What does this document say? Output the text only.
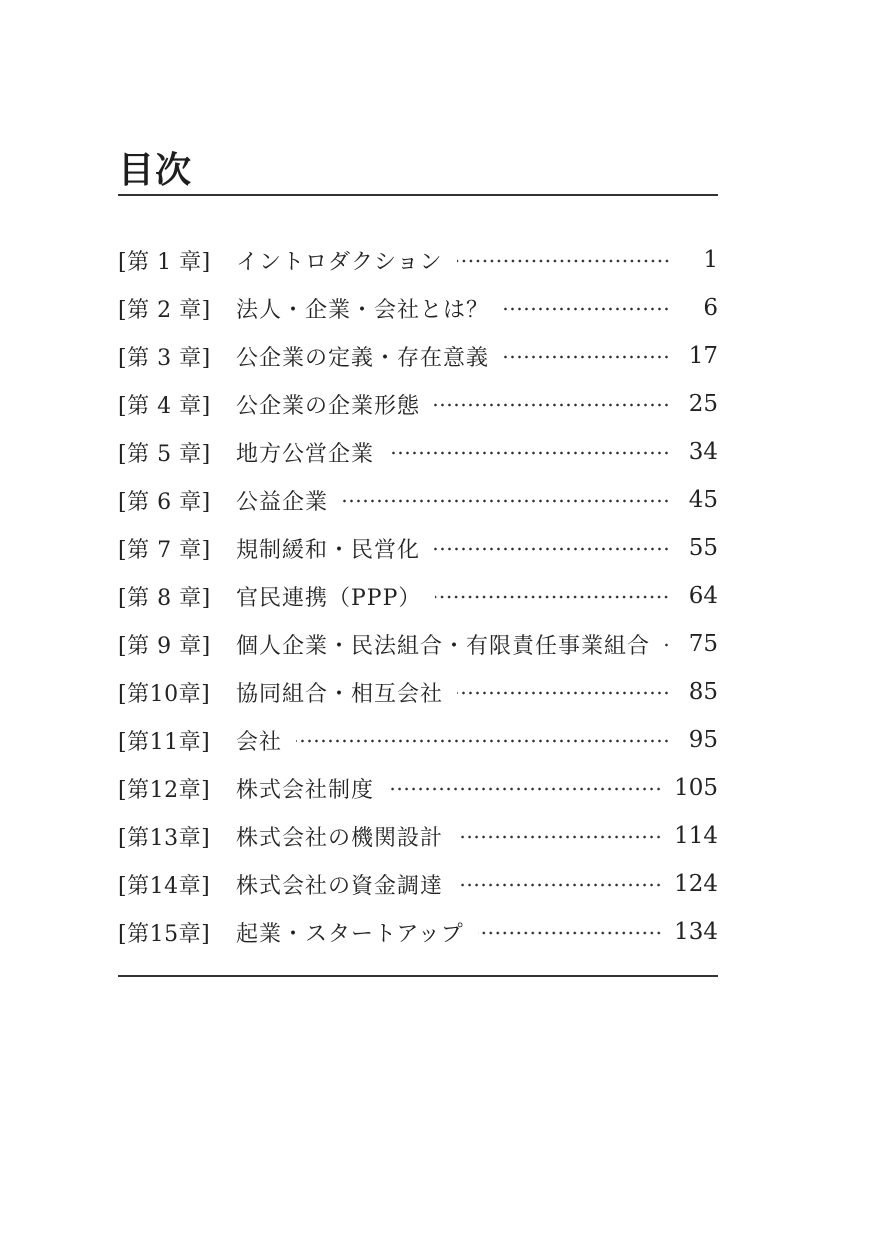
目次
[第 1 章] イントロダクション	1
[第 2 章] 法人・企業・会社とは？	6
[第 3 章] 公企業の定義・存在意義	17
[第 4 章] 公企業の企業形態	25
[第 5 章] 地方公営企業	34
[第 6 章] 公益企業	45
[第 7 章] 規制緩和・民営化	55
[第 8 章] 官民連携（PPP）	64
[第 9 章] 個人企業・民法組合・有限責任事業組合 75
[第10章] 協同組合・相互会社	85
[第11章] 会社	95
[第12章] 株式会社制度	105
[第13章] 株式会社の機関設計	114
[第14章] 株式会社の資金調達	124
[第15章] 起業・スタートアップ	134
